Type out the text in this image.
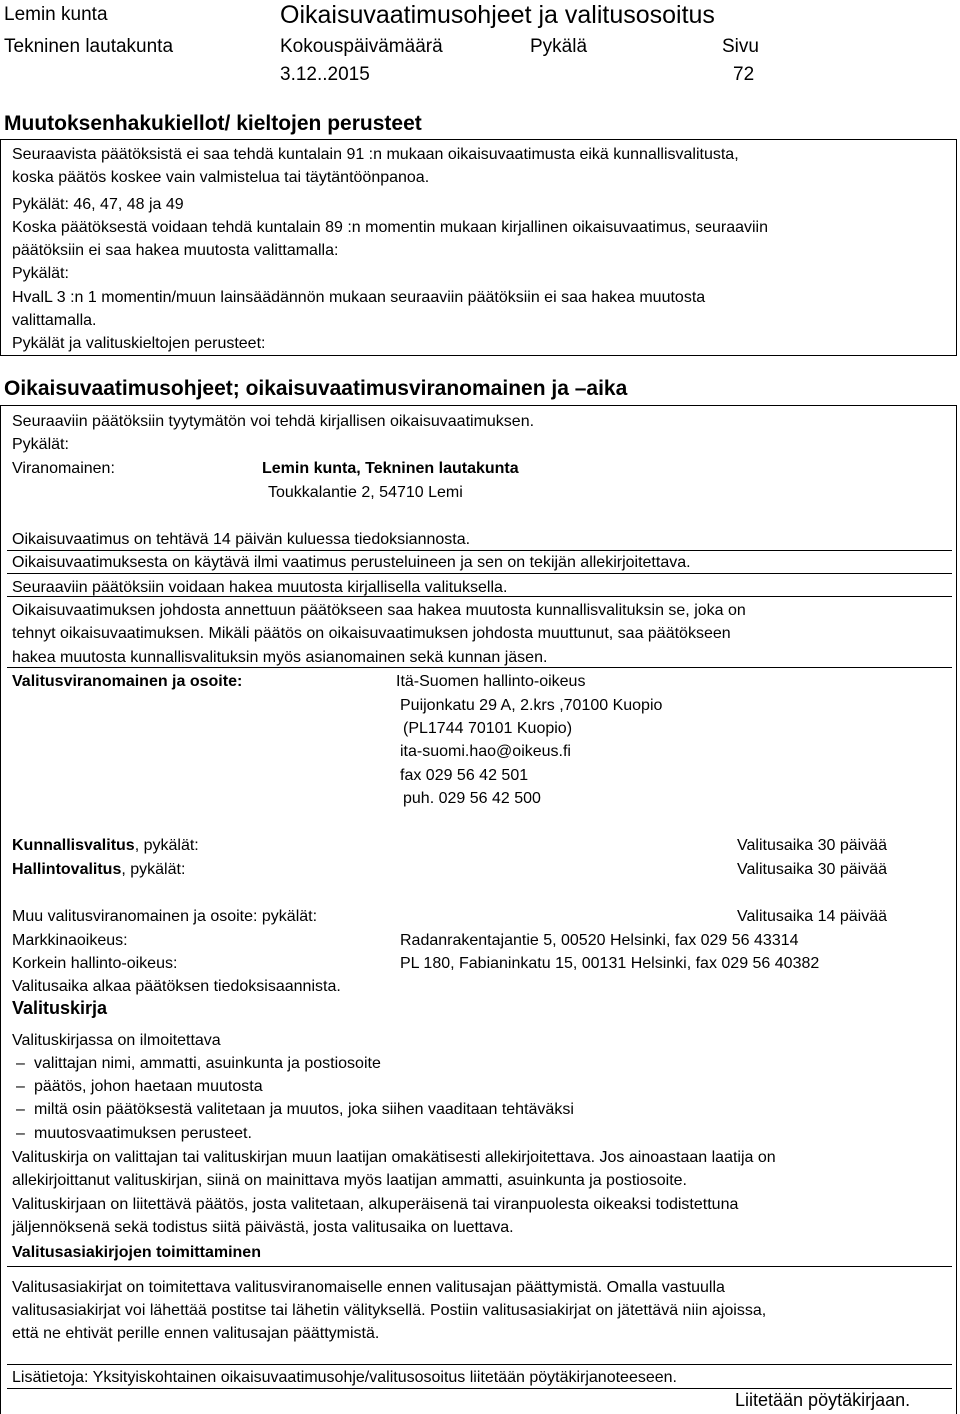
Lemin kunta	Oikaisuvaatimusohjeet ja valitusosoitus
Tekninen lautakunta	Kokouspäivämäärä	Pykälä	Sivu
3.12..2015	72
Muutoksenhakukiellot/ kieltojen perusteet
Seuraavista päätöksistä ei saa tehdä kuntalain 91 :n mukaan oikaisuvaatimusta eikä kunnallisvalitusta,
koska päätös koskee vain valmistelua tai täytäntöönpanoa.
Pykälät: 46, 47, 48 ja 49
Koska päätöksestä voidaan tehdä kuntalain 89 :n momentin mukaan kirjallinen oikaisuvaatimus, seuraaviin
päätöksiin ei saa hakea muutosta valittamalla:
Pykälät:
HvalL 3 :n 1 momentin/muun lainsäädännön mukaan seuraaviin päätöksiin ei saa hakea muutosta
valittamalla.
Pykälät ja valituskieltojen perusteet:
Oikaisuvaatimusohjeet; oikaisuvaatimusviranomainen ja –aika
Seuraaviin päätöksiin tyytymätön voi tehdä kirjallisen oikaisuvaatimuksen.
Pykälät:
Viranomainen:	Lemin kunta, Tekninen lautakunta
Toukkalantie 2, 54710 Lemi
Oikaisuvaatimus on tehtävä 14 päivän kuluessa tiedoksiannosta.
Oikaisuvaatimuksesta on käytävä ilmi vaatimus perusteluineen ja sen on tekijän allekirjoitettava.
Seuraaviin päätöksiin voidaan hakea muutosta kirjallisella valituksella.
Oikaisuvaatimuksen johdosta annettuun päätökseen saa hakea muutosta kunnallisvalituksin se, joka on
tehnyt oikaisuvaatimuksen. Mikäli päätös on oikaisuvaatimuksen johdosta muuttunut, saa päätökseen
hakea muutosta kunnallisvalituksin myös asianomainen sekä kunnan jäsen.
Valitusviranomainen ja osoite:	Itä-Suomen hallinto-oikeus
Puijonkatu 29 A, 2.krs ,70100 Kuopio
(PL1744 70101 Kuopio)
ita-suomi.hao@oikeus.fi
fax 029 56 42 501
puh. 029 56 42 500
Kunnallisvalitus, pykälät:	Valitusaika 30 päivää
Hallintovalitus, pykälät:	Valitusaika 30 päivää
Muu valitusviranomainen ja osoite: pykälät:	Valitusaika 14 päivää
Markkinaoikeus:	Radanrakentajantie 5, 00520 Helsinki, fax 029 56 43314
Korkein hallinto-oikeus:	PL 180, Fabianinkatu 15, 00131 Helsinki, fax 029 56 40382
Valitusaika alkaa päätöksen tiedoksisaannista.
Valituskirja
Valituskirjassa on ilmoitettava
– valittajan nimi, ammatti, asuinkunta ja postiosoite
– päätös, johon haetaan muutosta
– miltä osin päätöksestä valitetaan ja muutos, joka siihen vaaditaan tehtäväksi
– muutosvaatimuksen perusteet.
Valituskirja on valittajan tai valituskirjan muun laatijan omakätisesti allekirjoitettava. Jos ainoastaan laatija on
allekirjoittanut valituskirjan, siinä on mainittava myös laatijan ammatti, asuinkunta ja postiosoite.
Valituskirjaan on liitettävä päätös, josta valitetaan, alkuperäisenä tai viranpuolesta oikeaksi todistettuna
jäljennöksenä sekä todistus siitä päivästä, josta valitusaika on luettava.
Valitusasiakirjojen toimittaminen
Valitusasiakirjat on toimitettava valitusviranomaiselle ennen valitusajan päättymistä. Omalla vastuulla
valitusasiakirjat voi lähettää postitse tai lähetin välityksellä. Postiin valitusasiakirjat on jätettävä niin ajoissa,
että ne ehtivät perille ennen valitusajan päättymistä.
Lisätietoja: Yksityiskohtainen oikaisuvaatimusohje/valitusosoitus liitetään pöytäkirjanoteeseen.
Liitetään pöytäkirjaan.
